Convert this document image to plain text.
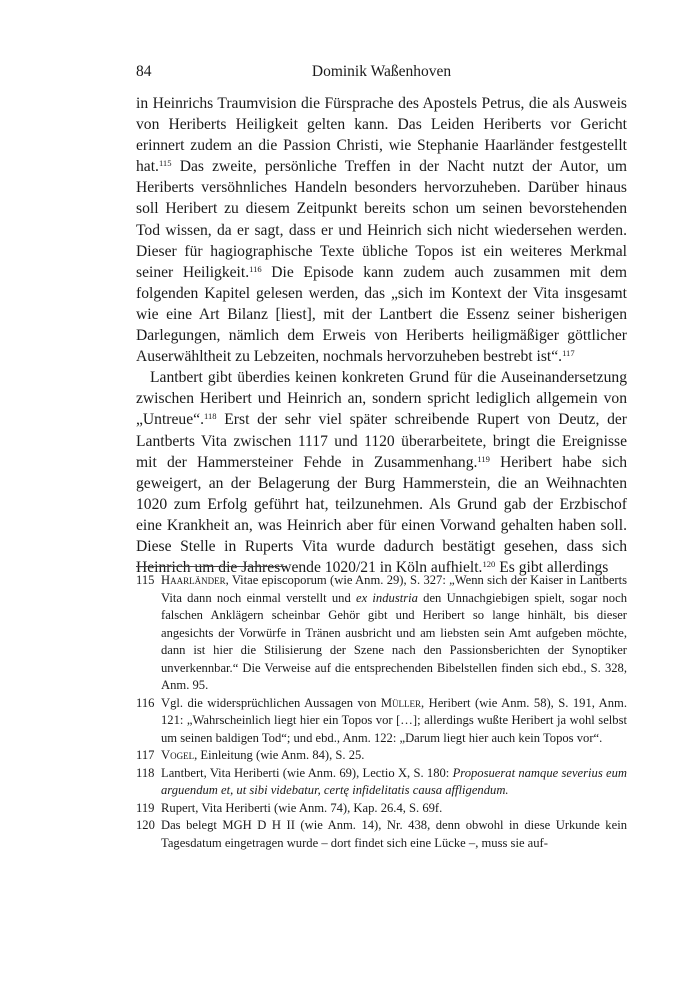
84	Dominik Waßenhoven

in Heinrichs Traumvision die Fürsprache des Apostels Petrus, die als Ausweis von Heriberts Heiligkeit gelten kann. Das Leiden Heriberts vor Gericht erinnert zudem an die Passion Christi, wie Stephanie Haarländer festgestellt hat.$^{115}$ Das zweite, persönliche Treffen in der Nacht nutzt der Autor, um Heriberts versöhnliches Handeln besonders hervorzuheben. Darüber hinaus soll Heribert zu diesem Zeitpunkt bereits schon um seinen bevorstehenden Tod wissen, da er sagt, dass er und Heinrich sich nicht wiedersehen werden. Dieser für hagiographische Texte übliche Topos ist ein weiteres Merkmal seiner Heiligkeit.$^{116}$ Die Episode kann zudem auch zusammen mit dem folgenden Kapitel gelesen werden, das „sich im Kontext der Vita insgesamt wie eine Art Bilanz [liest], mit der Lantbert die Essenz seiner bisherigen Darlegungen, nämlich dem Erweis von Heriberts heiligmäßiger göttlicher Auserwähltheit zu Lebzeiten, nochmals hervorzuheben bestrebt ist“.$^{117}$

Lantbert gibt überdies keinen konkreten Grund für die Auseinandersetzung zwischen Heribert und Heinrich an, sondern spricht lediglich allgemein von „Untreue“.$^{118}$ Erst der sehr viel später schreibende Rupert von Deutz, der Lantberts Vita zwischen 1117 und 1120 überarbeitete, bringt die Ereignisse mit der Hammersteiner Fehde in Zusammenhang.$^{119}$ Heribert habe sich geweigert, an der Belagerung der Burg Hammerstein, die an Weihnachten 1020 zum Erfolg geführt hat, teilzunehmen. Als Grund gab der Erzbischof eine Krankheit an, was Heinrich aber für einen Vorwand gehalten haben soll. Diese Stelle in Ruperts Vita wurde dadurch bestätigt gesehen, dass sich Heinrich um die Jahreswende 1020/21 in Köln aufhielt.$^{120}$ Es gibt allerdings

115 Haarländer, Vitae episcoporum (wie Anm. 29), S. 327: „Wenn sich der Kaiser in Lantberts Vita dann noch einmal verstellt und ex industria den Unnachgiebigen spielt, sogar noch falschen Anklägern scheinbar Gehör gibt und Heribert so lange hinhält, bis dieser angesichts der Vorwürfe in Tränen ausbricht und am liebsten sein Amt aufgeben möchte, dann ist hier die Stilisierung der Szene nach den Passionsberichten der Synoptiker unverkennbar.“ Die Verweise auf die entsprechenden Bibelstellen finden sich ebd., S. 328, Anm. 95.
116 Vgl. die widersprüchlichen Aussagen von Müller, Heribert (wie Anm. 58), S. 191, Anm. 121: „Wahrscheinlich liegt hier ein Topos vor […]; allerdings wußte Heribert ja wohl selbst um seinen baldigen Tod“; und ebd., Anm. 122: „Darum liegt hier auch kein Topos vor“.
117 Vogel, Einleitung (wie Anm. 84), S. 25.
118 Lantbert, Vita Heriberti (wie Anm. 69), Lectio X, S. 180: Proposuerat namque severius eum arguendum et, ut sibi videbatur, certę infidelitatis causa affligendum.
119 Rupert, Vita Heriberti (wie Anm. 74), Kap. 26.4, S. 69f.
120 Das belegt MGH D H II (wie Anm. 14), Nr. 438, denn obwohl in diese Urkunde kein Tagesdatum eingetragen wurde – dort findet sich eine Lücke –, muss sie auf-
